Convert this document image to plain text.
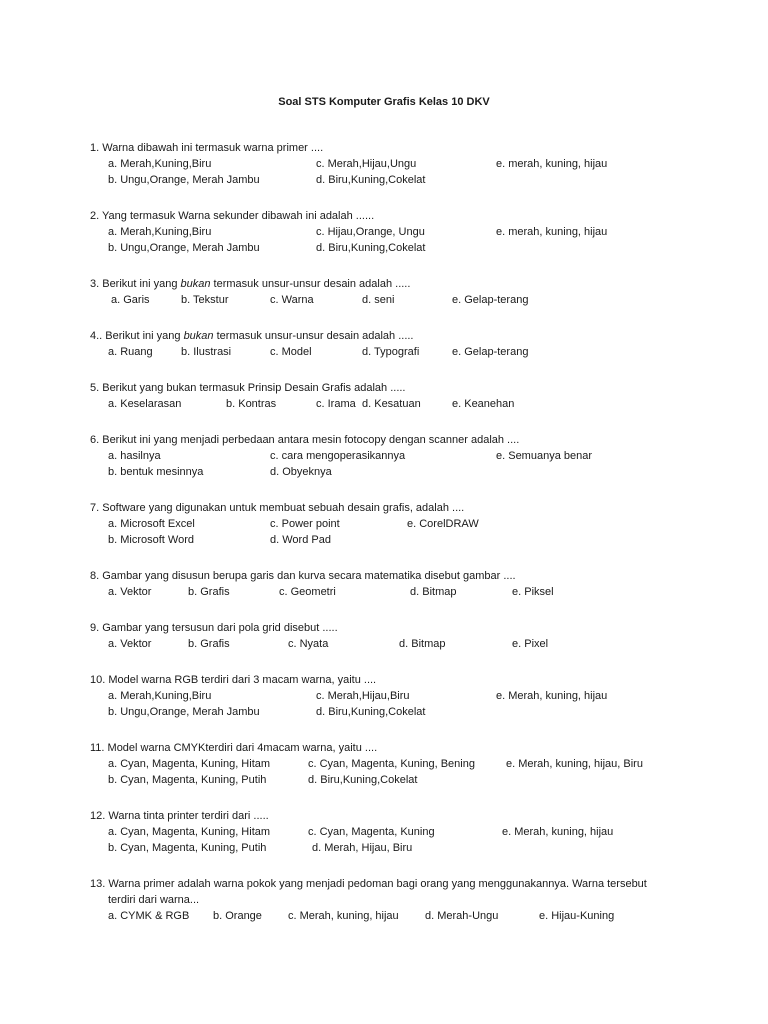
Soal STS Komputer Grafis Kelas 10 DKV
1. Warna dibawah ini termasuk warna primer ....
a. Merah,Kuning,Biru	c. Merah,Hijau,Ungu	e. merah, kuning, hijau
b. Ungu,Orange, Merah Jambu	d. Biru,Kuning,Cokelat
2. Yang termasuk Warna sekunder dibawah ini adalah ......
a. Merah,Kuning,Biru	c. Hijau,Orange, Ungu	e. merah, kuning, hijau
b. Ungu,Orange, Merah Jambu	d. Biru,Kuning,Cokelat
3. Berikut ini yang bukan termasuk unsur-unsur desain adalah .....
a. Garis	b. Tekstur	c. Warna	d. seni	e. Gelap-terang
4.. Berikut ini yang bukan termasuk unsur-unsur desain adalah .....
a. Ruang	b. Ilustrasi	c. Model	d. Typografi	e. Gelap-terang
5. Berikut yang bukan termasuk Prinsip Desain Grafis adalah .....
a. Keselarasan	b. Kontras	c. Irama d. Kesatuan	e. Keanehan
6. Berikut ini yang menjadi perbedaan antara mesin fotocopy dengan scanner adalah ....
a. hasilnya	c. cara mengoperasikannya	e. Semuanya benar
b. bentuk mesinnya	d. Obyeknya
7. Software yang digunakan untuk membuat sebuah desain grafis, adalah ....
a. Microsoft Excel	c. Power point	e. CorelDRAW
b. Microsoft Word	d. Word Pad
8. Gambar yang disusun berupa garis dan kurva secara matematika disebut gambar ....
a. Vektor	b. Grafis	c. Geometri	d. Bitmap	e. Piksel
9. Gambar yang tersusun dari pola grid disebut .....
a. Vektor	b. Grafis	c. Nyata	d. Bitmap	e. Pixel
10. Model warna RGB terdiri dari 3 macam warna, yaitu ....
a. Merah,Kuning,Biru	c. Merah,Hijau,Biru	e. Merah, kuning, hijau
b. Ungu,Orange, Merah Jambu	d. Biru,Kuning,Cokelat
11. Model warna CMYKterdiri dari 4macam warna, yaitu ....
a. Cyan, Magenta, Kuning, Hitam	c. Cyan, Magenta, Kuning, Bening	e. Merah, kuning, hijau, Biru
b. Cyan, Magenta, Kuning, Putih	d. Biru,Kuning,Cokelat
12. Warna tinta printer terdiri dari .....
a. Cyan, Magenta, Kuning, Hitam	c. Cyan, Magenta, Kuning	e. Merah, kuning, hijau
b. Cyan, Magenta, Kuning, Putih	d. Merah, Hijau, Biru
13. Warna primer adalah warna pokok yang menjadi pedoman bagi orang yang menggunakannya. Warna tersebut
terdiri dari warna...
a. CYMK & RGB b. Orange c. Merah, kuning, hijau d. Merah-Ungu	e. Hijau-Kuning
